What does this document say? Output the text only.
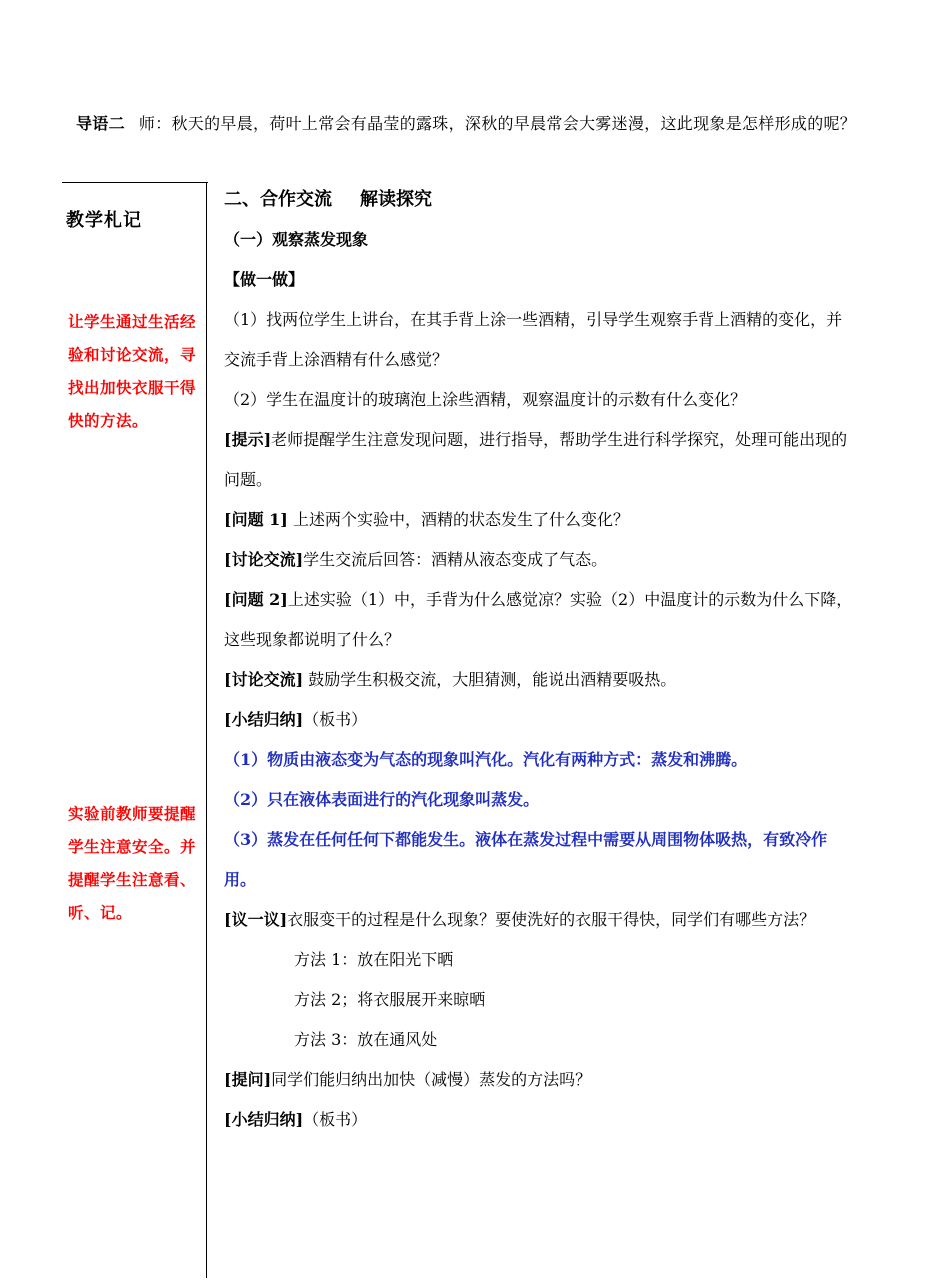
导语二 师：秋天的早晨，荷叶上常会有晶莹的露珠，深秋的早晨常会大雾迷漫，这此现象是怎样形成的呢？
教学札记
让学生通过生活经验和讨论交流，寻找出加快衣服干得快的方法。
实验前教师要提醒学生注意安全。并提醒学生注意看、听、记。
二、合作交流 解读探究
（一）观察蒸发现象
【做一做】
（1）找两位学生上讲台，在其手背上涂一些酒精，引导学生观察手背上酒精的变化，并交流手背上涂酒精有什么感觉？
（2）学生在温度计的玻璃泡上涂些酒精，观察温度计的示数有什么变化？
[提示]老师提醒学生注意发现问题，进行指导，帮助学生进行科学探究，处理可能出现的问题。
[问题 1] 上述两个实验中，酒精的状态发生了什么变化？
[讨论交流]学生交流后回答：酒精从液态变成了气态。
[问题 2]上述实验（1）中，手背为什么感觉凉？实验（2）中温度计的示数为什么下降，这些现象都说明了什么？
[讨论交流] 鼓励学生积极交流，大胆猜测，能说出酒精要吸热。
[小结归纳]（板书）
（1）物质由液态变为气态的现象叫汽化。汽化有两种方式：蒸发和沸腾。
（2）只在液体表面进行的汽化现象叫蒸发。
（3）蒸发在任何任何下都能发生。液体在蒸发过程中需要从周围物体吸热，有致冷作用。
[议一议]衣服变干的过程是什么现象？要使洗好的衣服干得快，同学们有哪些方法？
方法 1：放在阳光下晒
方法 2；将衣服展开来晾晒
方法 3：放在通风处
[提问]同学们能归纳出加快（减慢）蒸发的方法吗？
[小结归纳]（板书）
